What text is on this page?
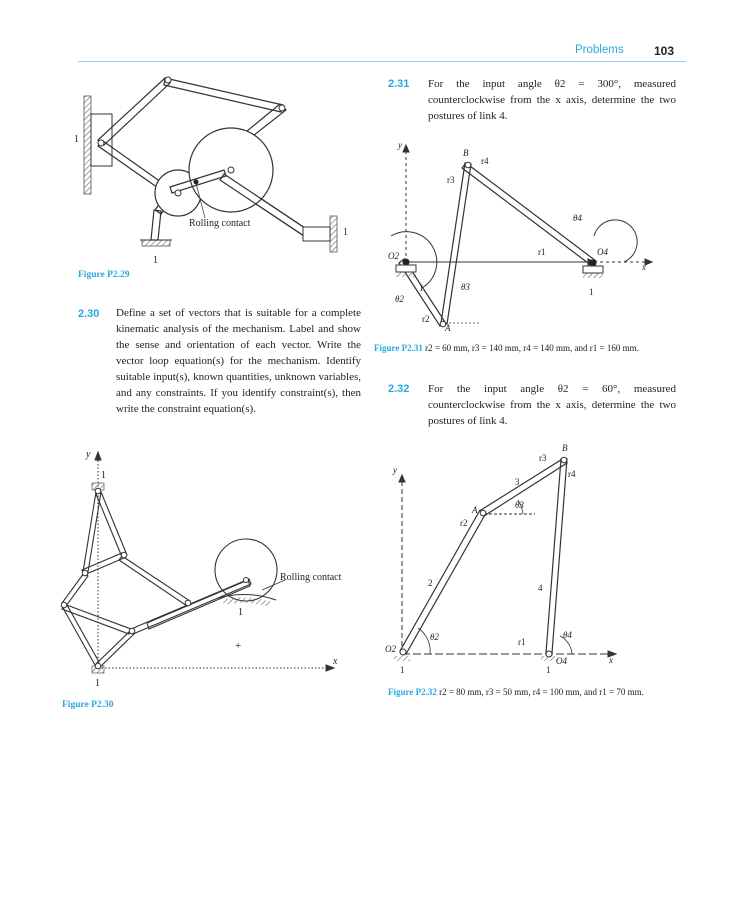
Problems	103
1
1
1
Rolling contact
Figure P2.29
2.30 Define a set of vectors that is suitable for a complete kinematic analysis of the mechanism. Label and show the sense and orientation of each vector. Write the vector loop equation(s) for the mechanism. Identify suitable input(s), known quantities, unknown variables, and any constraints. If you identify constraint(s), then write the constraint equation(s).
y
1
1
x
1
+
Rolling contact
Figure P2.30
2.31 For the input angle θ2 = 300°, measured counterclockwise from the x axis, determine the two postures of link 4.
y
B
r4
r3
θ4
r1	O4
x
O2
1	1
θ3
θ2
r2
A
Figure P2.31 r2 = 60 mm, r3 = 140 mm, r4 = 140 mm, and r1 = 160 mm.
2.32 For the input angle θ2 = 60°, measured counterclockwise from the x axis, determine the two postures of link 4.
y
B
r3
r4
3
A	θ3
r2
2	4
θ2	r1
θ4
O2
O4	x
1	1
Figure P2.32 r2 = 80 mm, r3 = 50 mm, r4 = 100 mm, and r1 = 70 mm.
